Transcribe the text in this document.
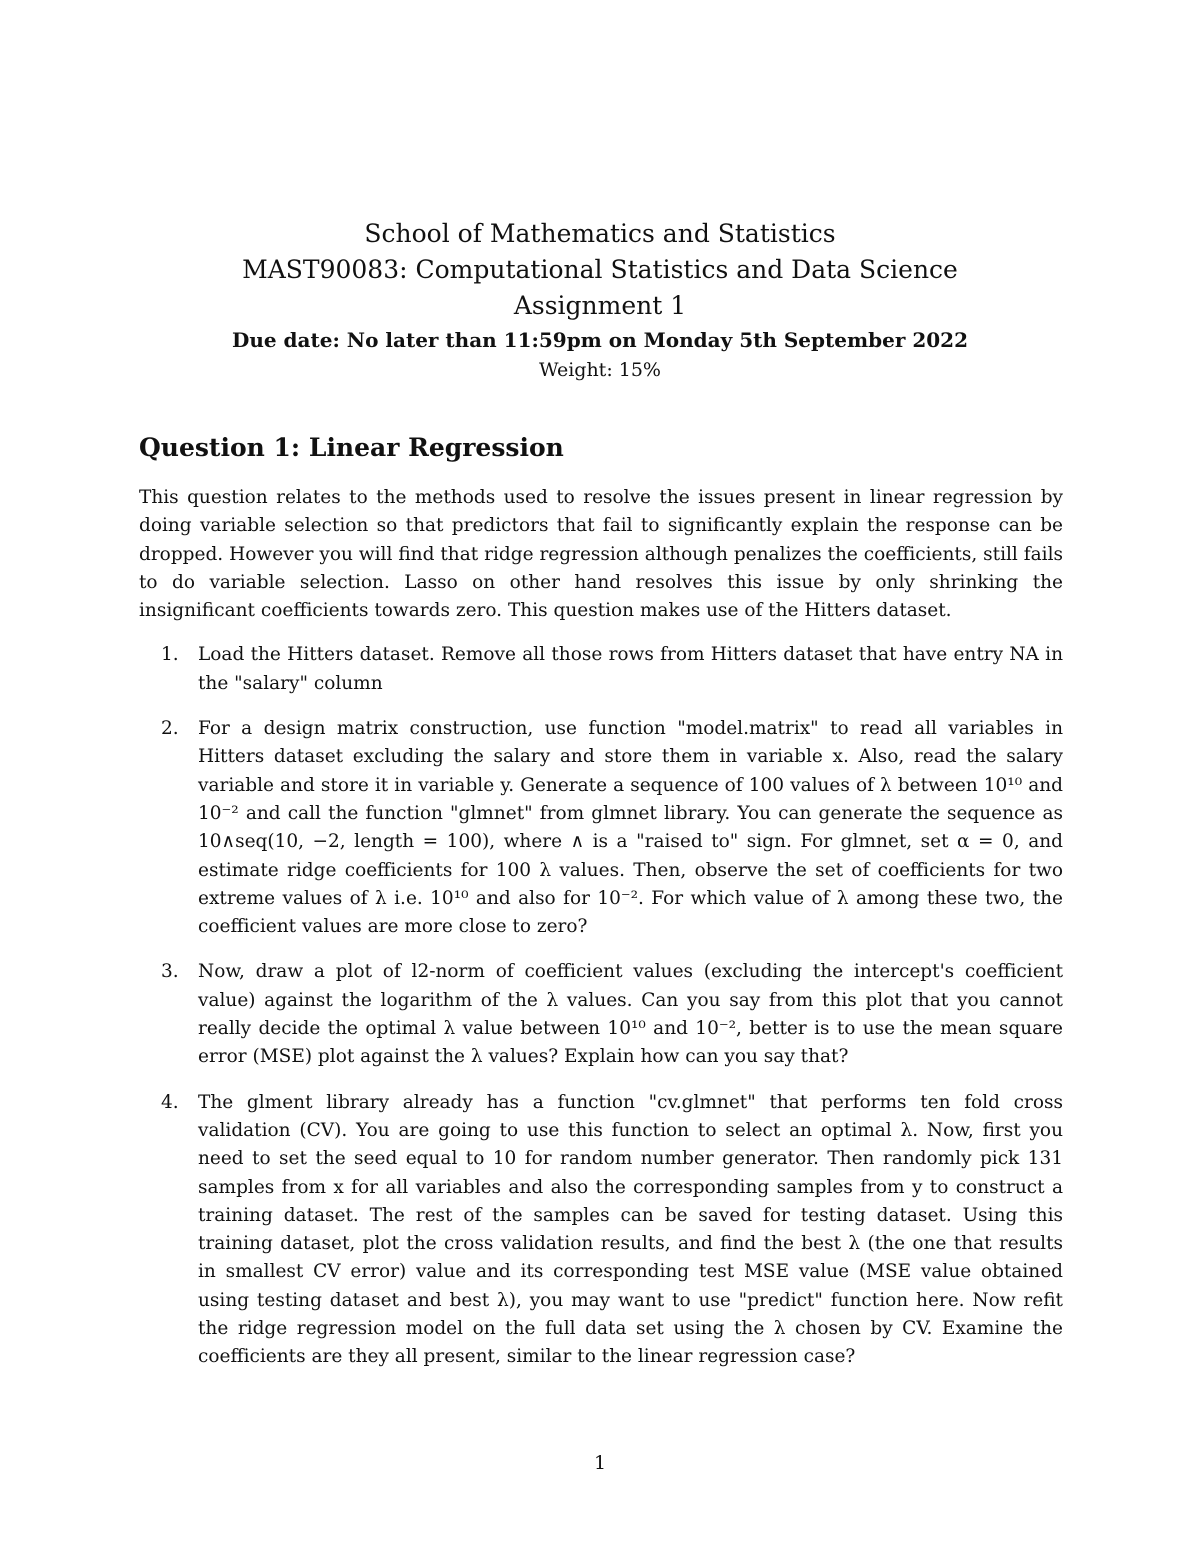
School of Mathematics and Statistics
MAST90083: Computational Statistics and Data Science
Assignment 1
Due date: No later than 11:59pm on Monday 5th September 2022
Weight: 15%
Question 1: Linear Regression

This question relates to the methods used to resolve the issues present in linear regression by doing variable selection so that predictors that fail to significantly explain the response can be dropped. However you will find that ridge regression although penalizes the coefficients, still fails to do variable selection. Lasso on other hand resolves this issue by only shrinking the insignificant coefficients towards zero. This question makes use of the Hitters dataset.

1. Load the Hitters dataset. Remove all those rows from Hitters dataset that have entry NA in the "salary" column
2. For a design matrix construction, use function "model.matrix" to read all variables in Hitters dataset excluding the salary and store them in variable x. Also, read the salary variable and store it in variable y. Generate a sequence of 100 values of λ between 10¹⁰ and 10⁻² and call the function "glmnet" from glmnet library. You can generate the sequence as 10∧seq(10, −2, length = 100), where ∧ is a "raised to" sign. For glmnet, set α = 0, and estimate ridge coefficients for 100 λ values. Then, observe the set of coefficients for two extreme values of λ i.e. 10¹⁰ and also for 10⁻². For which value of λ among these two, the coefficient values are more close to zero?
3. Now, draw a plot of l2-norm of coefficient values (excluding the intercept's coefficient value) against the logarithm of the λ values. Can you say from this plot that you cannot really decide the optimal λ value between 10¹⁰ and 10⁻², better is to use the mean square error (MSE) plot against the λ values? Explain how can you say that?
4. The glment library already has a function "cv.glmnet" that performs ten fold cross validation (CV). You are going to use this function to select an optimal λ. Now, first you need to set the seed equal to 10 for random number generator. Then randomly pick 131 samples from x for all variables and also the corresponding samples from y to construct a training dataset. The rest of the samples can be saved for testing dataset. Using this training dataset, plot the cross validation results, and find the best λ (the one that results in smallest CV error) value and its corresponding test MSE value (MSE value obtained using testing dataset and best λ), you may want to use "predict" function here. Now refit the ridge regression model on the full data set using the λ chosen by CV. Examine the coefficients are they all present, similar to the linear regression case?
1
